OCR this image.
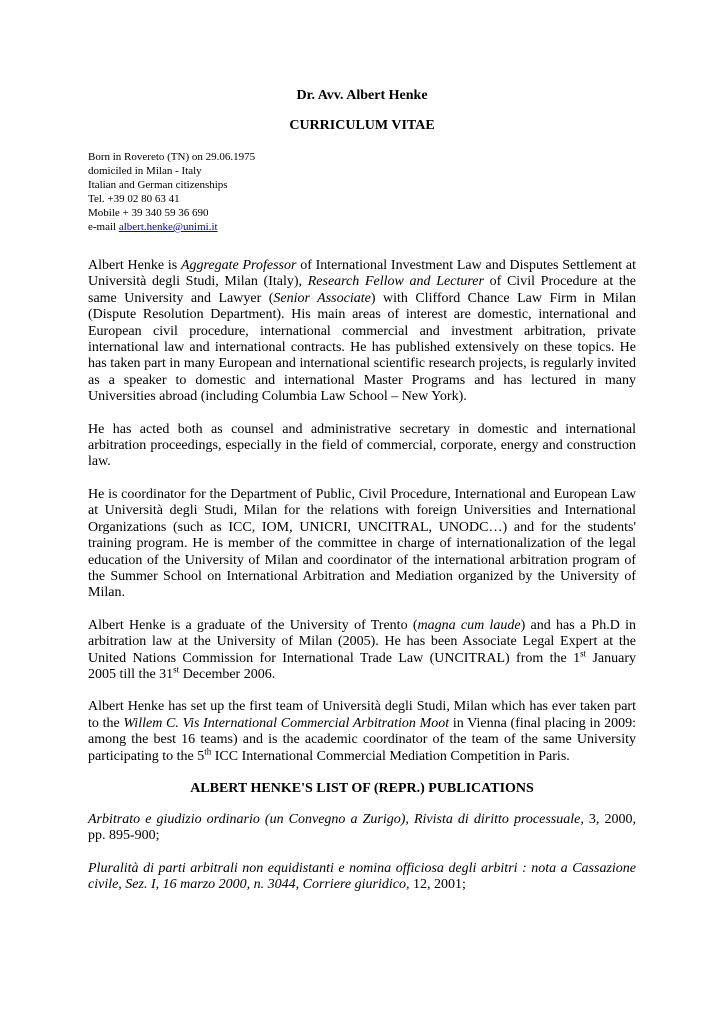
Dr. Avv. Albert Henke
CURRICULUM VITAE
Born in Rovereto (TN) on 29.06.1975
domiciled in Milan - Italy
Italian and German citizenships
Tel. +39 02 80 63 41
Mobile + 39 340 59 36 690
e-mail albert.henke@unimi.it

Albert Henke is Aggregate Professor of International Investment Law and Disputes Settlement at Università degli Studi, Milan (Italy), Research Fellow and Lecturer of Civil Procedure at the same University and Lawyer (Senior Associate) with Clifford Chance Law Firm in Milan (Dispute Resolution Department). His main areas of interest are domestic, international and European civil procedure, international commercial and investment arbitration, private international law and international contracts. He has published extensively on these topics. He has taken part in many European and international scientific research projects, is regularly invited as a speaker to domestic and international Master Programs and has lectured in many Universities abroad (including Columbia Law School – New York).

He has acted both as counsel and administrative secretary in domestic and international arbitration proceedings, especially in the field of commercial, corporate, energy and construction law.

He is coordinator for the Department of Public, Civil Procedure, International and European Law at Università degli Studi, Milan for the relations with foreign Universities and International Organizations (such as ICC, IOM, UNICRI, UNCITRAL, UNODC…) and for the students' training program. He is member of the committee in charge of internationalization of the legal education of the University of Milan and coordinator of the international arbitration program of the Summer School on International Arbitration and Mediation organized by the University of Milan.

Albert Henke is a graduate of the University of Trento (magna cum laude) and has a Ph.D in arbitration law at the University of Milan (2005). He has been Associate Legal Expert at the United Nations Commission for International Trade Law (UNCITRAL) from the 1st January 2005 till the 31st December 2006.

Albert Henke has set up the first team of Università degli Studi, Milan which has ever taken part to the Willem C. Vis International Commercial Arbitration Moot in Vienna (final placing in 2009: among the best 16 teams) and is the academic coordinator of the team of the same University participating to the 5th ICC International Commercial Mediation Competition in Paris.

ALBERT HENKE'S LIST OF (REPR.) PUBLICATIONS

Arbitrato e giudizio ordinario (un Convegno a Zurigo), Rivista di diritto processuale, 3, 2000, pp. 895-900;

Pluralità di parti arbitrali non equidistanti e nomina officiosa degli arbitri : nota a Cassazione civile, Sez. I, 16 marzo 2000, n. 3044, Corriere giuridico, 12, 2001;
